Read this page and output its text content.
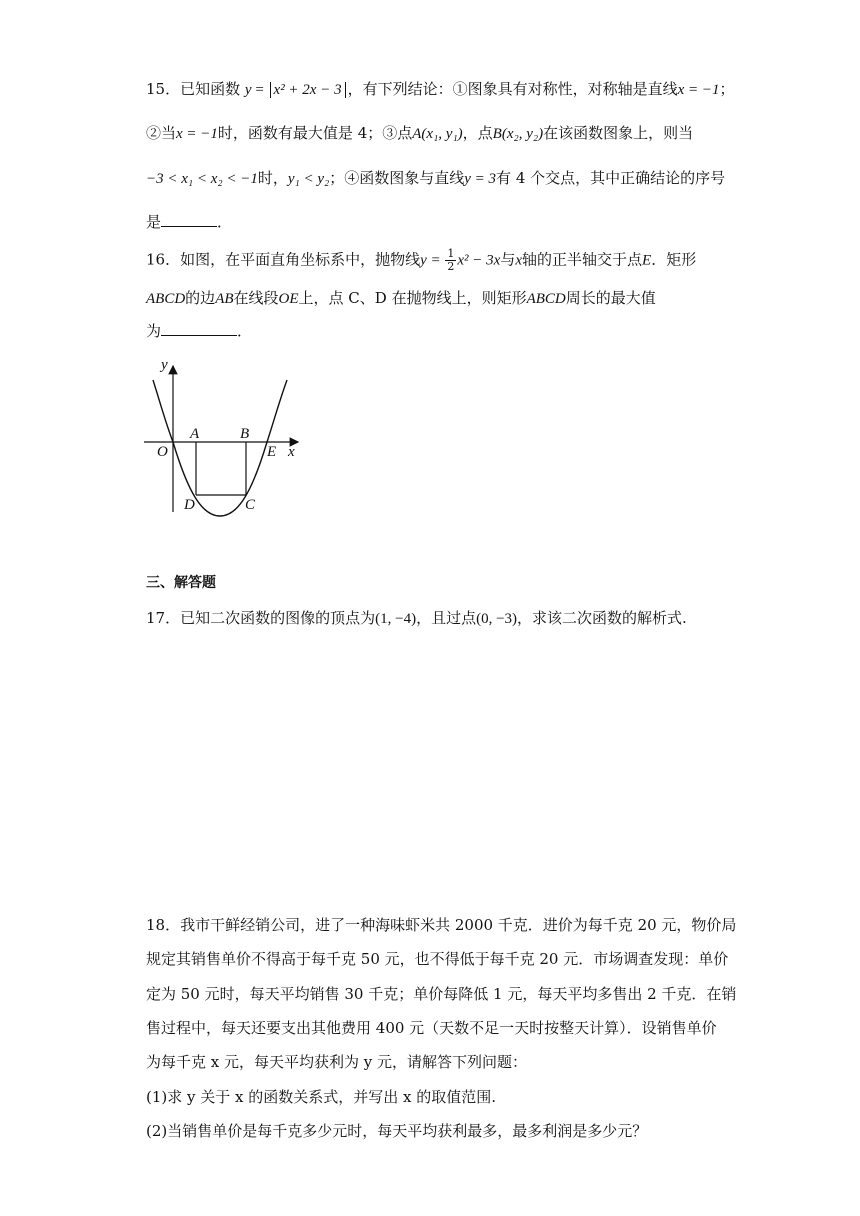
15．已知函数 y = x² + 2x − 3 ，有下列结论：①图象具有对称性，对称轴是直线x = −1；
②当x = −1时，函数有最大值是 4；③点A(x₁, y₁)，点B(x₂, y₂)在该函数图象上，则当
−3 < x₁ < x₂ < −1时，y₁ < y₂；④函数图象与直线y = 3有 4 个交点，其中正确结论的序号
是	．
16．如图，在平面直角坐标系中，抛物线$y = \frac{1}{2} x^2 - 3x$与x轴的正半轴交于点E．矩形
ABCD的边AB在线段OE上，点 C、D 在抛物线上，则矩形ABCD周长的最大值
为	．
y
x
O
A	B
E
D	C
三、解答题
17．已知二次函数的图像的顶点为(1, −4)，且过点(0, −3)，求该二次函数的解析式.
18．我市干鲜经销公司，进了一种海味虾米共 2000 千克．进价为每千克 20 元，物价局
规定其销售单价不得高于每千克 50 元，也不得低于每千克 20 元．市场调查发现：单价
定为 50 元时，每天平均销售 30 千克；单价每降低 1 元，每天平均多售出 2 千克．在销
售过程中，每天还要支出其他费用 400 元（天数不足一天时按整天计算）．设销售单价
为每千克 x 元，每天平均获利为 y 元，请解答下列问题：
(1)求 y 关于 x 的函数关系式，并写出 x 的取值范围.
(2)当销售单价是每千克多少元时，每天平均获利最多，最多利润是多少元？
